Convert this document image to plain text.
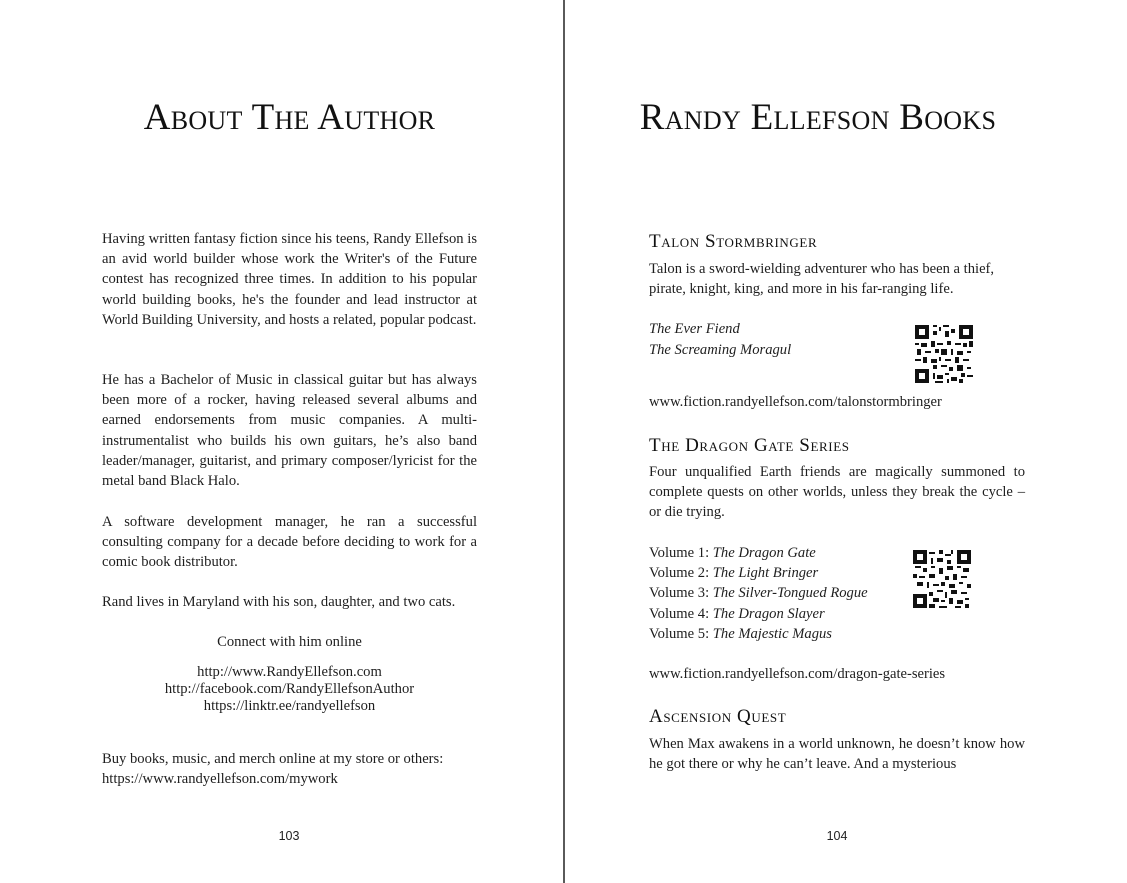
About The Author

Having written fantasy fiction since his teens, Randy Ellefson is an avid world builder whose work the Writer's of the Future contest has recognized three times. In addition to his popular world building books, he's the founder and lead instructor at World Building University, and hosts a related, popular podcast.

He has a Bachelor of Music in classical guitar but has always been more of a rocker, having released several albums and earned endorsements from music companies. A multi-instrumentalist who builds his own guitars, he’s also band leader/manager, guitarist, and primary composer/lyricist for the metal band Black Halo.

A software development manager, he ran a successful consulting company for a decade before deciding to work for a comic book distributor.

Rand lives in Maryland with his son, daughter, and two cats.

Connect with him online

http://www.RandyEllefson.com
http://facebook.com/RandyEllefsonAuthor
https://linktr.ee/randyellefson
Buy books, music, and merch online at my store or others:
https://www.randyellefson.com/mywork
103
Randy Ellefson Books
Talon Stormbringer

Talon is a sword-wielding adventurer who has been a thief, pirate, knight, king, and more in his far-ranging life.

The Ever Fiend
The Screaming Moragul

www.fiction.randyellefson.com/talonstormbringer

The Dragon Gate Series

Four unqualified Earth friends are magically summoned to complete quests on other worlds, unless they break the cycle – or die trying.

Volume 1: The Dragon Gate
Volume 2: The Light Bringer
Volume 3: The Silver-Tongued Rogue
Volume 4: The Dragon Slayer
Volume 5: The Majestic Magus

www.fiction.randyellefson.com/dragon-gate-series

Ascension Quest

When Max awakens in a world unknown, he doesn’t know how he got there or why he can’t leave. And a mysterious

104
